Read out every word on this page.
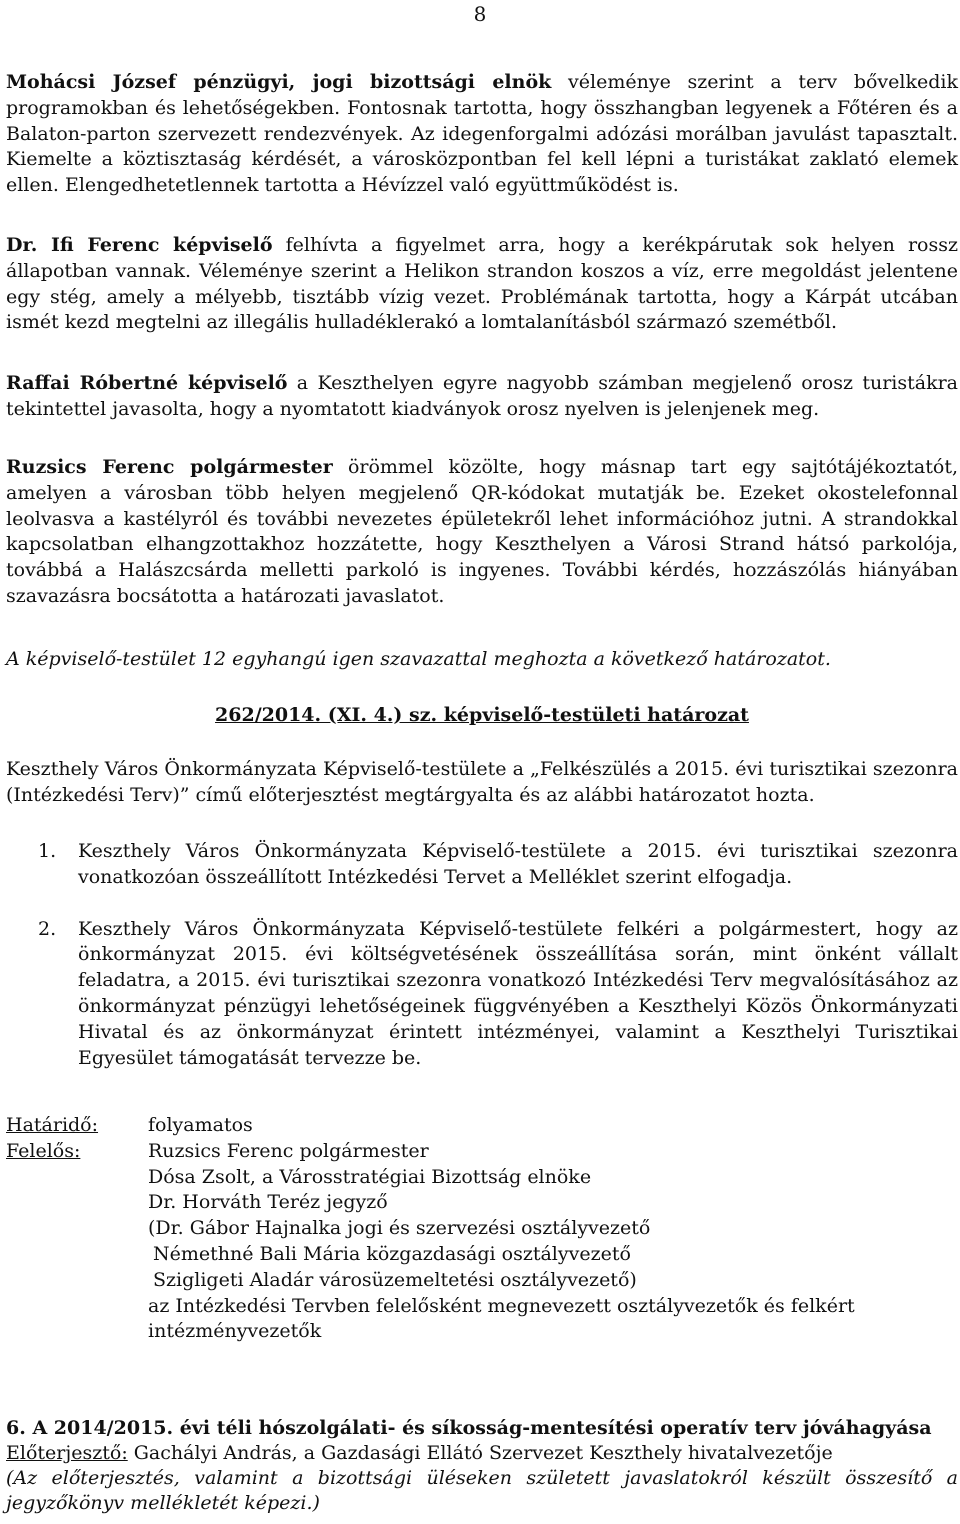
8

Mohácsi József pénzügyi, jogi bizottsági elnök véleménye szerint a terv bővelkedik programokban és lehetőségekben. Fontosnak tartotta, hogy összhangban legyenek a Főtéren és a Balaton-parton szervezett rendezvények. Az idegenforgalmi adózási morálban javulást tapasztalt. Kiemelte a köztisztaság kérdését, a városközpontban fel kell lépni a turistákat zaklató elemek ellen. Elengedhetetlennek tartotta a Hévízzel való együttműködést is.

Dr. Ifi Ferenc képviselő felhívta a figyelmet arra, hogy a kerékpárutak sok helyen rossz állapotban vannak. Véleménye szerint a Helikon strandon koszos a víz, erre megoldást jelentene egy stég, amely a mélyebb, tisztább vízig vezet. Problémának tartotta, hogy a Kárpát utcában ismét kezd megtelni az illegális hulladéklerakó a lomtalanításból származó szemétből.

Raffai Róbertné képviselő a Keszthelyen egyre nagyobb számban megjelenő orosz turistákra tekintettel javasolta, hogy a nyomtatott kiadványok orosz nyelven is jelenjenek meg.

Ruzsics Ferenc polgármester örömmel közölte, hogy másnap tart egy sajtótájékoztatót, amelyen a városban több helyen megjelenő QR-kódokat mutatják be. Ezeket okostelefonnal leolvasva a kastélyról és további nevezetes épületekről lehet információhoz jutni. A strandokkal kapcsolatban elhangzottakhoz hozzátette, hogy Keszthelyen a Városi Strand hátsó parkolója, továbbá a Halászcsárda melletti parkoló is ingyenes. További kérdés, hozzászólás hiányában szavazásra bocsátotta a határozati javaslatot.

A képviselő-testület 12 egyhangú igen szavazattal meghozta a következő határozatot.

262/2014. (XI. 4.) sz. képviselő-testületi határozat

Keszthely Város Önkormányzata Képviselő-testülete a „Felkészülés a 2015. évi turisztikai szezonra (Intézkedési Terv)” című előterjesztést megtárgyalta és az alábbi határozatot hozta.

1.	Keszthely Város Önkormányzata Képviselő-testülete a 2015. évi turisztikai szezonra vonatkozóan összeállított Intézkedési Tervet a Melléklet szerint elfogadja.
2.	Keszthely Város Önkormányzata Képviselő-testülete felkéri a polgármestert, hogy az önkormányzat 2015. évi költségvetésének összeállítása során, mint önként vállalt feladatra, a 2015. évi turisztikai szezonra vonatkozó Intézkedési Terv megvalósításához az önkormányzat pénzügyi lehetőségeinek függvényében a Keszthelyi Közös Önkormányzati Hivatal és az önkormányzat érintett intézményei, valamint a Keszthelyi Turisztikai Egyesület támogatását tervezze be.
Határidő:	folyamatos
Felelős:	Ruzsics Ferenc polgármester
Dósa Zsolt, a Városstratégiai Bizottság elnöke
Dr. Horváth Teréz jegyző
(Dr. Gábor Hajnalka jogi és szervezési osztályvezető
Némethné Bali Mária közgazdasági osztályvezető
Szigligeti Aladár városüzemeltetési osztályvezető)
az Intézkedési Tervben felelősként megnevezett osztályvezetők és felkért intézményvezetők

6. A 2014/2015. évi téli hószolgálati- és síkosság-mentesítési operatív terv jóváhagyása

Előterjesztő: Gachályi András, a Gazdasági Ellátó Szervezet Keszthely hivatalvezetője

(Az előterjesztés, valamint a bizottsági üléseken született javaslatokról készült összesítő a jegyzőkönyv mellékletét képezi.)
